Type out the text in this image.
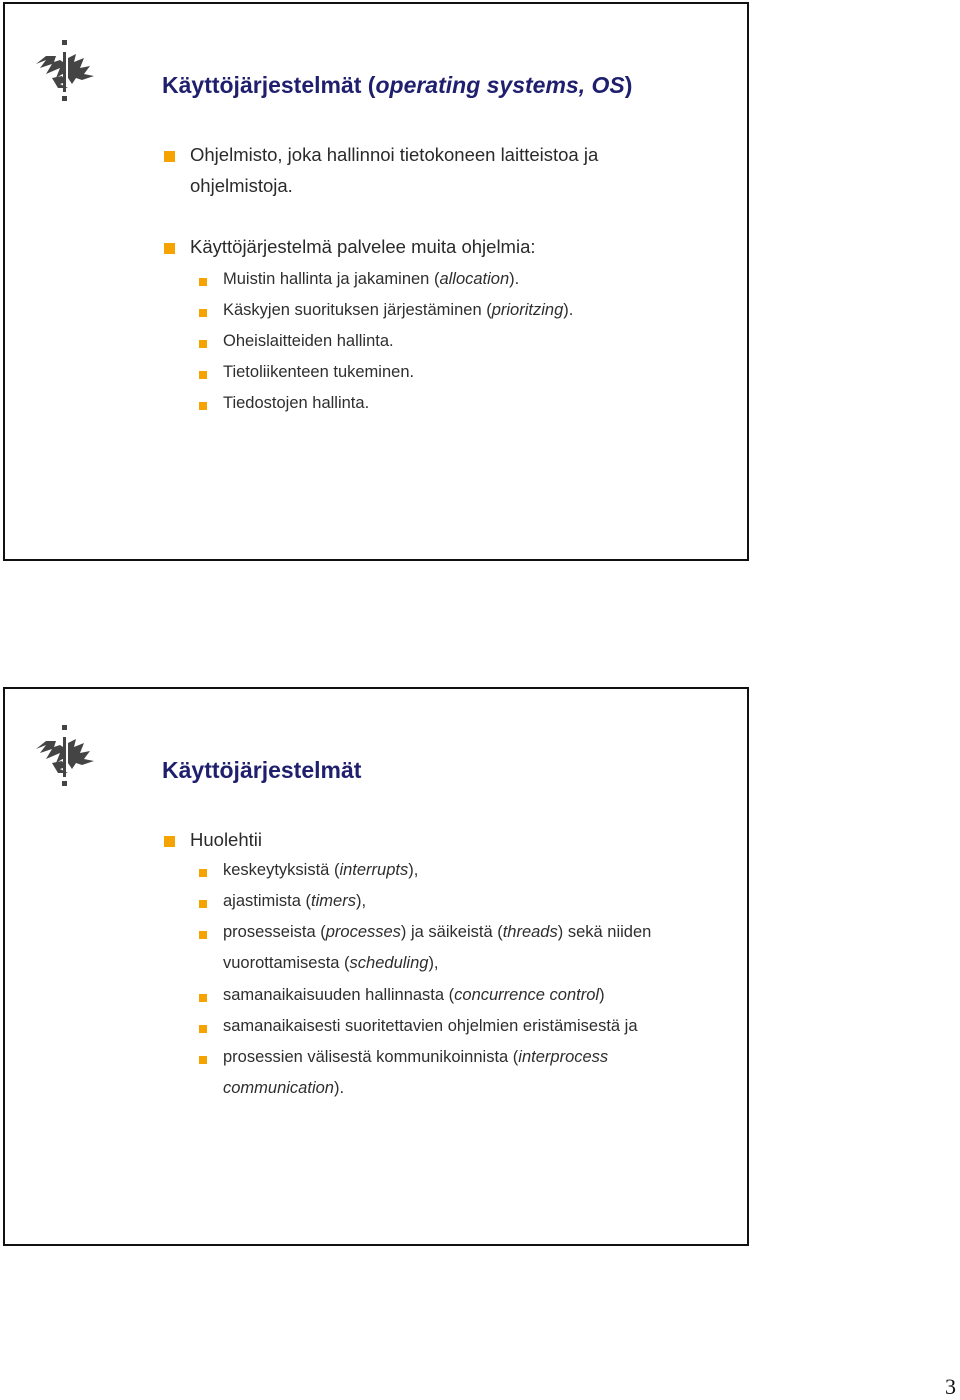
Käyttöjärjestelmät (operating systems, OS)

Ohjelmisto, joka hallinnoi tietokoneen laitteistoa ja

ohjelmistoja.

Käyttöjärjestelmä palvelee muita ohjelmia:

Muistin hallinta ja jakaminen (allocation).

Käskyjen suorituksen järjestäminen (prioritzing).

Oheislaitteiden hallinta.

Tietoliikenteen tukeminen.

Tiedostojen hallinta.

Käyttöjärjestelmät

Huolehtii

keskeytyksistä (interrupts),

ajastimista (timers),

prosesseista (processes) ja säikeistä (threads) sekä niiden

vuorottamisesta (scheduling),

samanaikaisuuden hallinnasta (concurrence control)

samanaikaisesti suoritettavien ohjelmien eristämisestä ja

prosessien välisestä kommunikoinnista (interprocess

communication).

3
